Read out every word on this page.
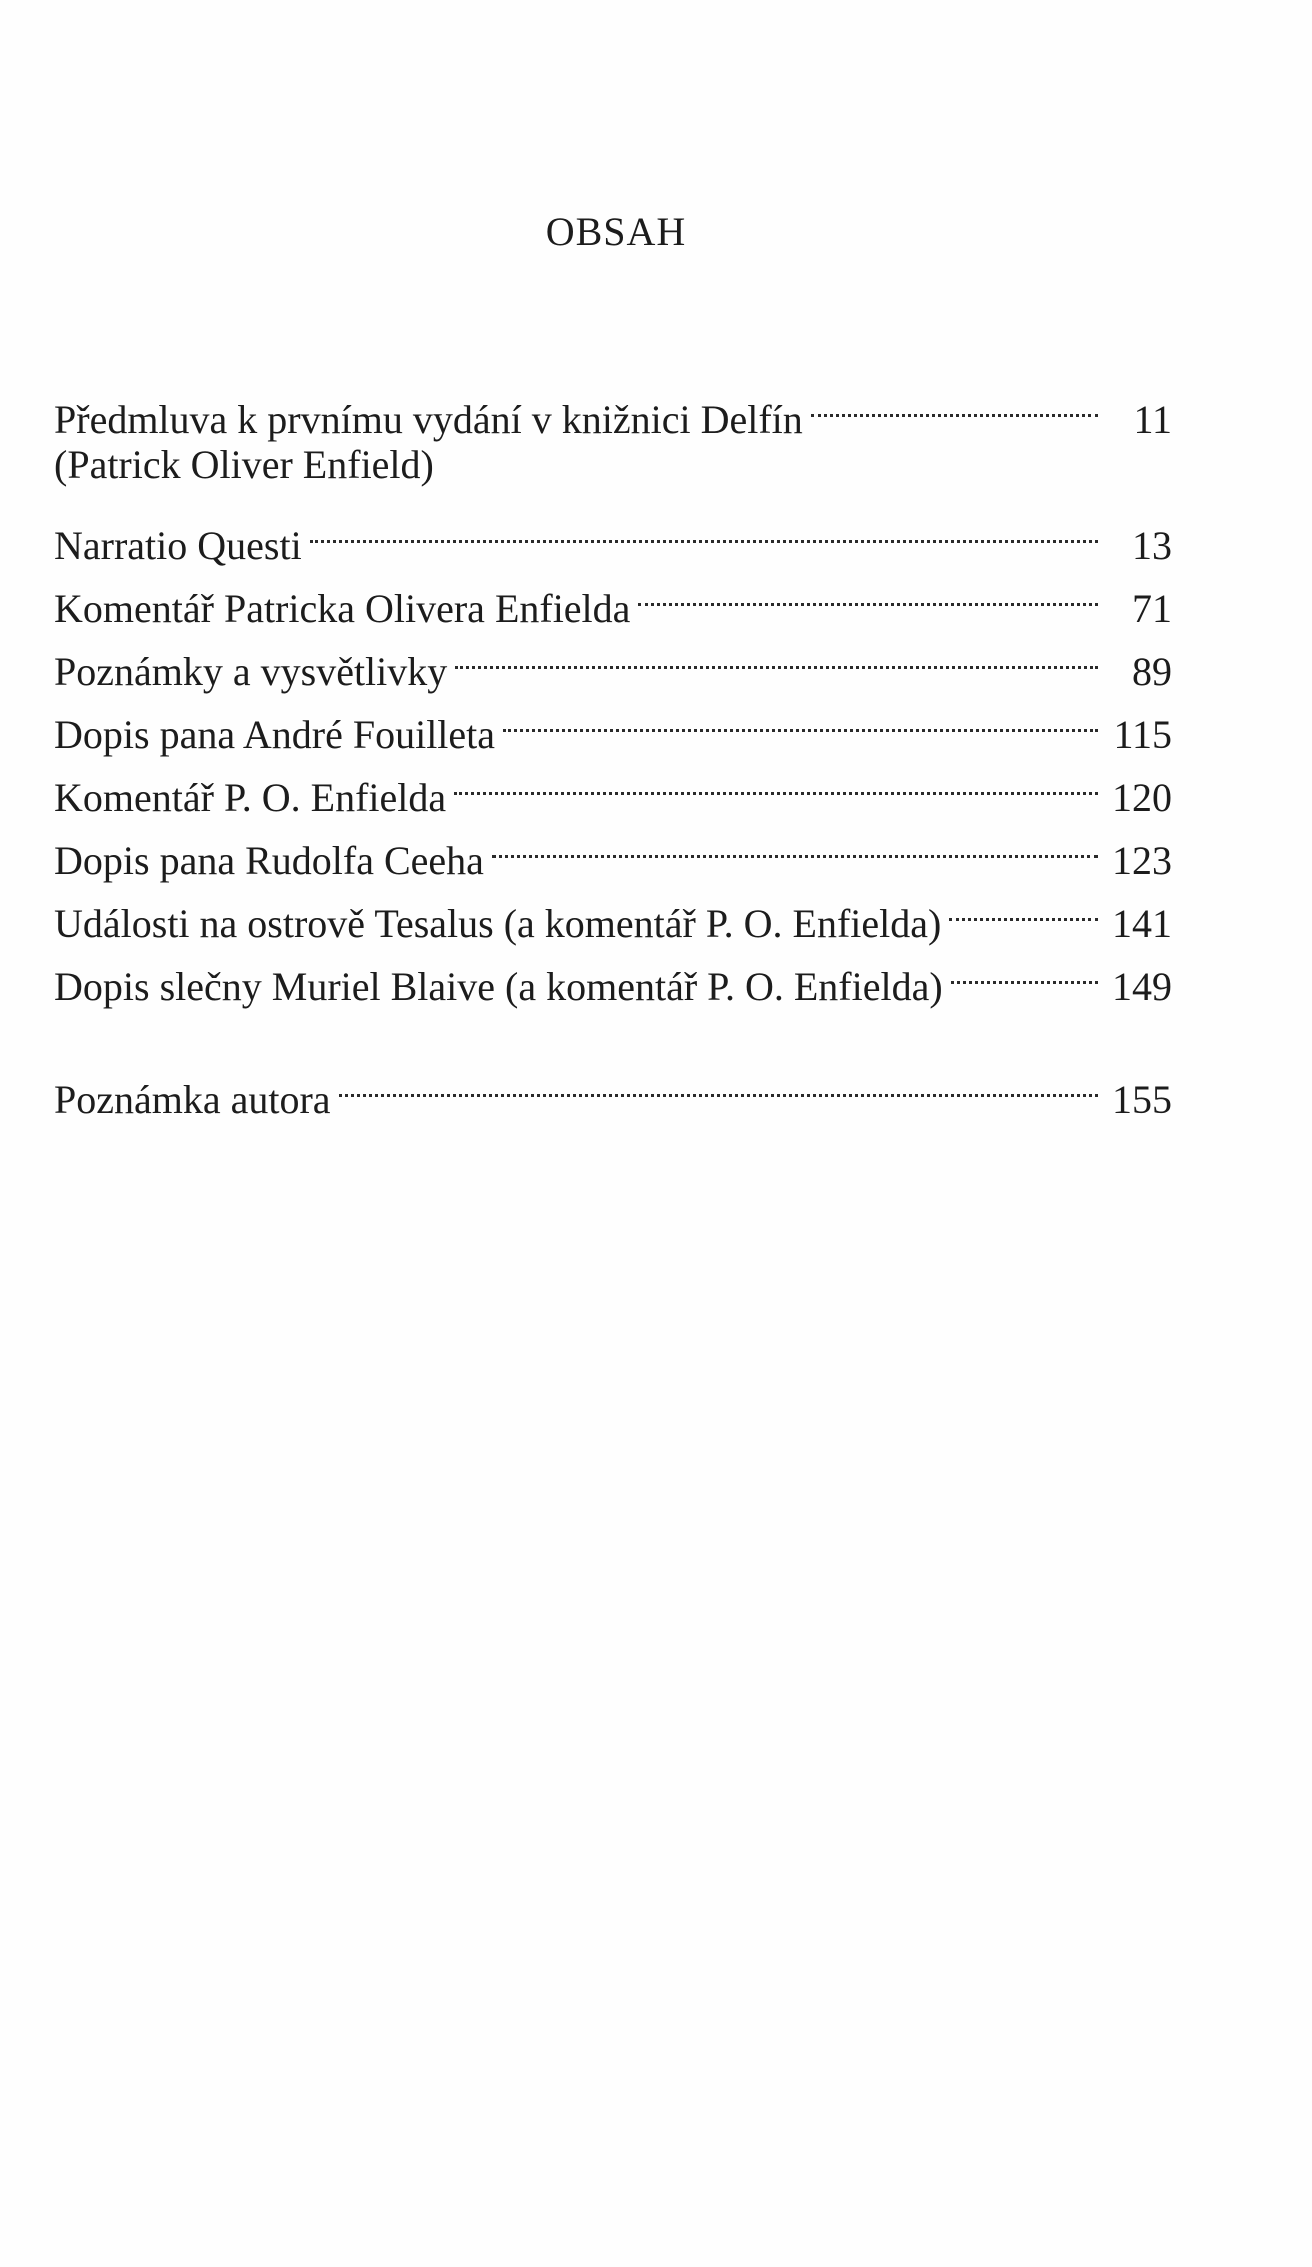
OBSAH
Předmluva k prvnímu vydání v knižnici Delfín	11
(Patrick Oliver Enfield)
Narratio Questi	13
Komentář Patricka Olivera Enfielda	71
Poznámky a vysvětlivky	89
Dopis pana André Fouilleta	115
Komentář P. O. Enfielda	120
Dopis pana Rudolfa Ceeha	123
Události na ostrově Tesalus (a komentář P. O. Enfielda)	141
Dopis slečny Muriel Blaive (a komentář P. O. Enfielda)	149
Poznámka autora	155
